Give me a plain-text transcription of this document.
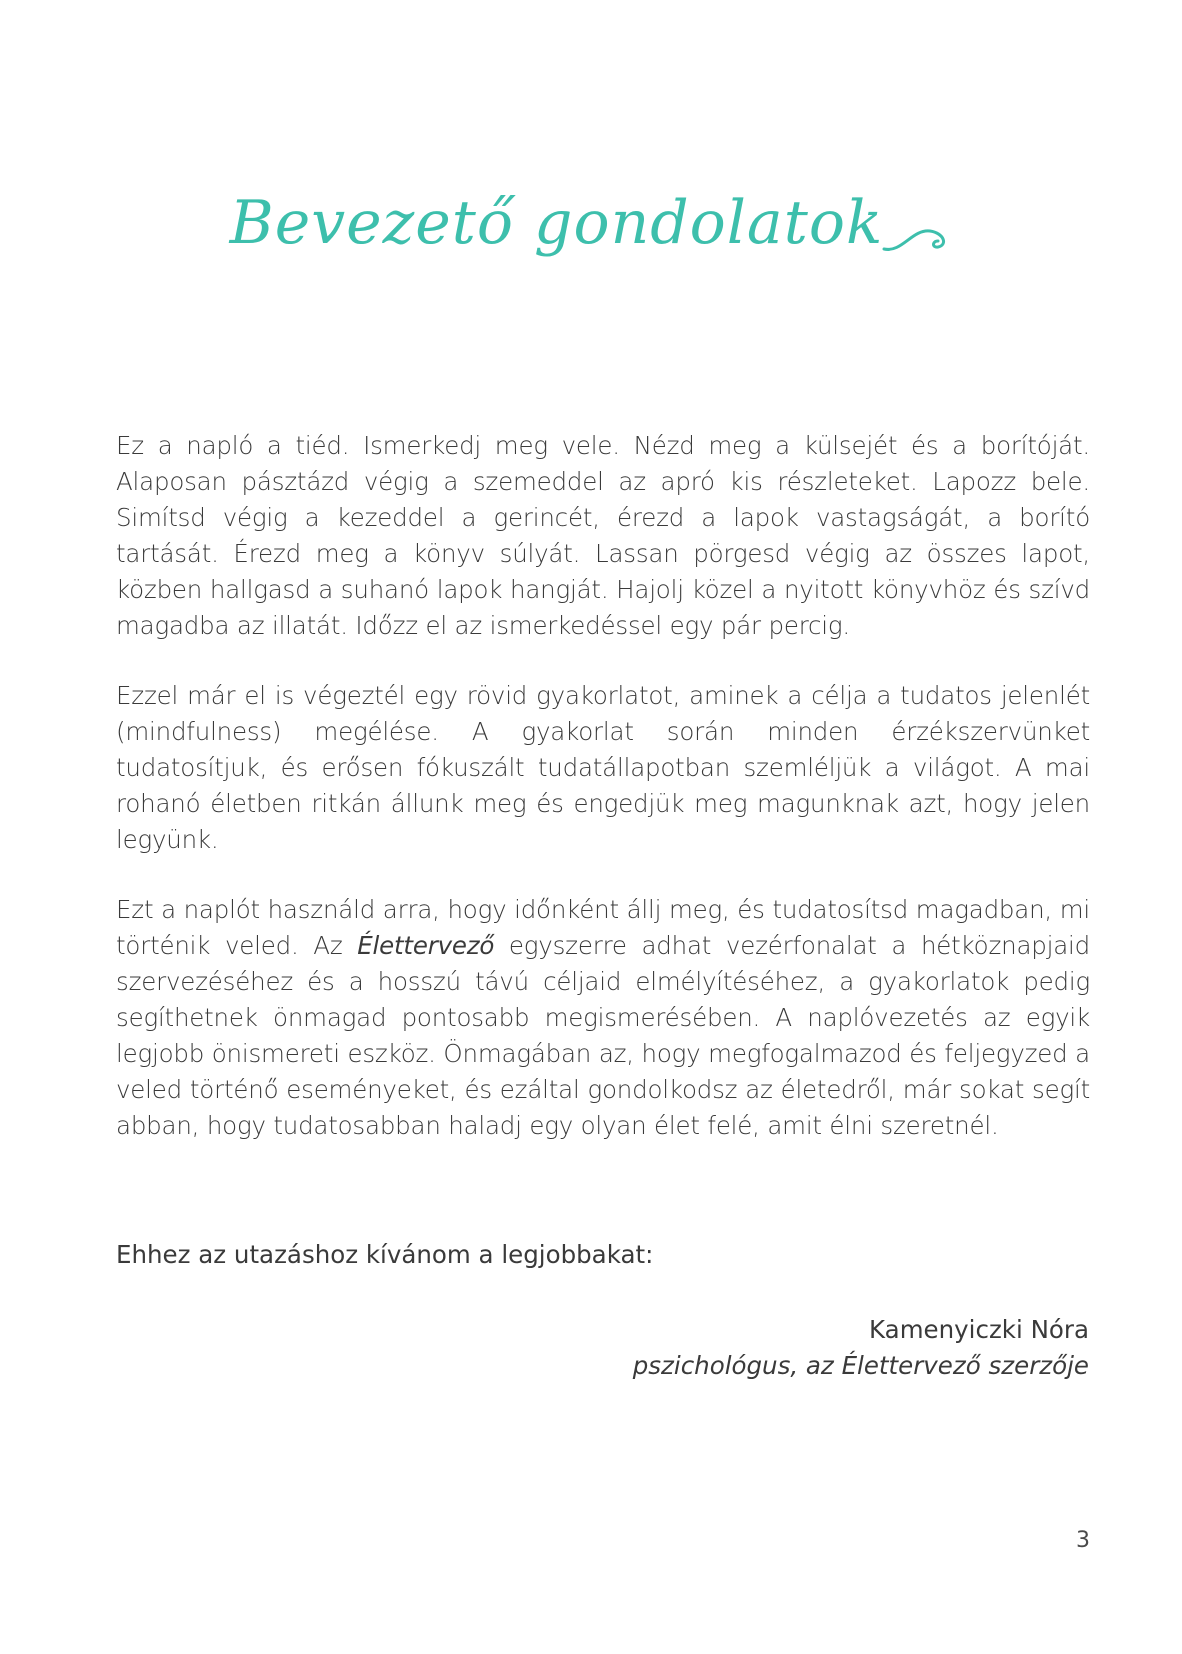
Bevezető gondolatok

Ez a napló a tiéd. Ismerkedj meg vele. Nézd meg a külsejét és a borítóját. Alaposan pásztázd végig a szemeddel az apró kis részleteket. Lapozz bele. Simítsd végig a kezeddel a gerincét, érezd a lapok vastagságát, a borító tartását. Érezd meg a könyv súlyát. Lassan pörgesd végig az összes lapot, közben hallgasd a suhanó lapok hangját. Hajolj közel a nyitott könyvhöz és szívd magadba az illatát. Időzz el az ismerkedéssel egy pár percig.

Ezzel már el is végeztél egy rövid gyakorlatot, aminek a célja a tudatos jelenlét (mindfulness) megélése. A gyakorlat során minden érzékszervünket tudatosítjuk, és erősen fókuszált tudatállapotban szemléljük a világot. A mai rohanó életben ritkán állunk meg és engedjük meg magunknak azt, hogy jelen legyünk.

Ezt a naplót használd arra, hogy időnként állj meg, és tudatosítsd magadban, mi történik veled. Az Élettervező egyszerre adhat vezérfonalat a hétköznapjaid szervezéséhez és a hosszú távú céljaid elmélyítéséhez, a gyakorlatok pedig segíthetnek önmagad pontosabb megismerésében. A naplóvezetés az egyik legjobb önismereti eszköz. Önmagában az, hogy megfogalmazod és feljegyzed a veled történő eseményeket, és ezáltal gondolkodsz az életedről, már sokat segít abban, hogy tudatosabban haladj egy olyan élet felé, amit élni szeretnél.

Ehhez az utazáshoz kívánom a legjobbakat:
Kamenyiczki Nóra
pszichológus, az Élettervező szerzője
3
